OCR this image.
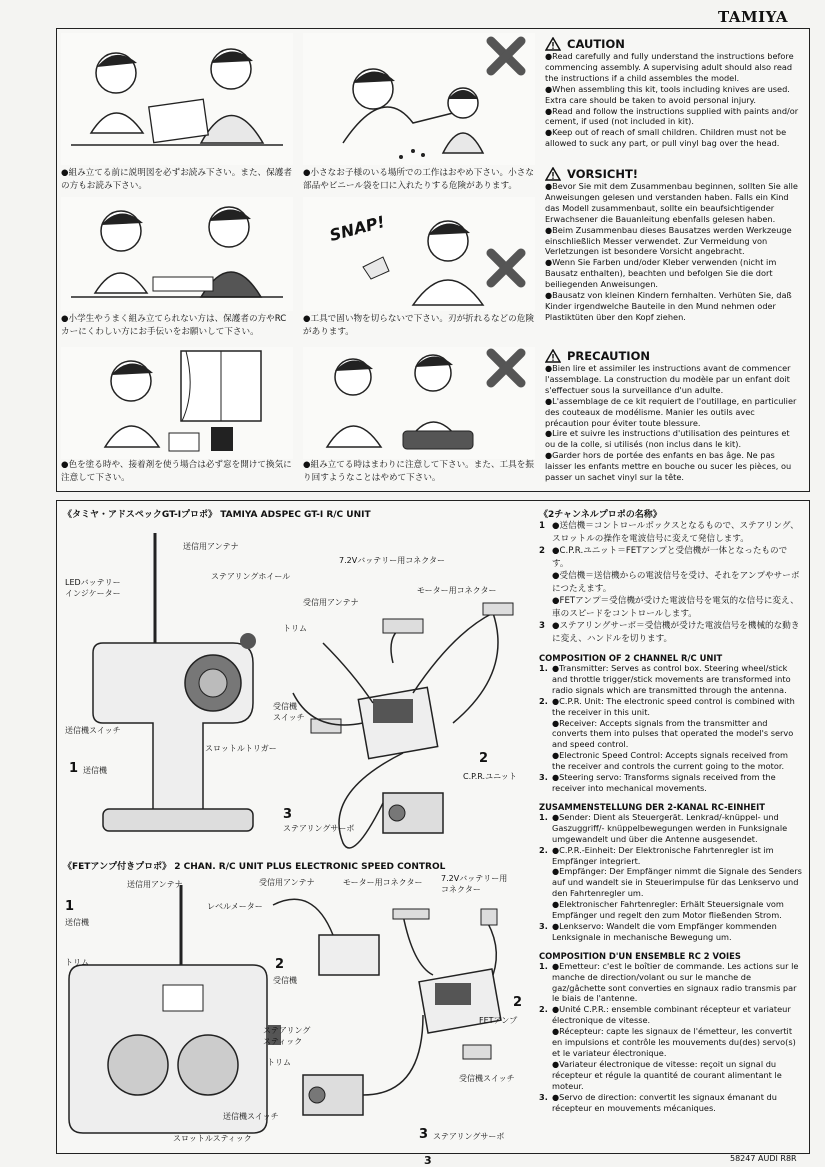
TAMIYA
●組み立てる前に説明図を必ずお読み下さい。また、保護者の方もお読み下さい。
●小学生やうまく組み立てられない方は、保護者の方やRCカーにくわしい方にお手伝いをお願いして下さい。
●色を塗る時や、接着剤を使う場合は必ず窓を開けて換気に注意して下さい。
●小さなお子様のいる場所での工作はおやめ下さい。小さな部品やビニール袋を口に入れたりする危険があります。
SNAP!
●工具で固い物を切らないで下さい。刃が折れるなどの危険があります。
●組み立てる時はまわりに注意して下さい。また、工具を振り回すようなことはやめて下さい。
CAUTION
●Read carefully and fully understand the instructions before commencing assembly. A supervising adult should also read the instructions if a child assembles the model.
●When assembling this kit, tools including knives are used. Extra care should be taken to avoid personal injury.
●Read and follow the instructions supplied with paints and/or cement, if used (not included in kit).
●Keep out of reach of small children. Children must not be allowed to suck any part, or pull vinyl bag over the head.
VORSICHT!
●Bevor Sie mit dem Zusammenbau beginnen, sollten Sie alle Anweisungen gelesen und verstanden haben. Falls ein Kind das Modell zusammenbaut, sollte ein beaufsichtigender Erwachsener die Bauanleitung ebenfalls gelesen haben.
●Beim Zusammenbau dieses Bausatzes werden Werkzeuge einschließlich Messer verwendet. Zur Vermeidung von Verletzungen ist besondere Vorsicht angebracht.
●Wenn Sie Farben und/oder Kleber verwenden (nicht im Bausatz enthalten), beachten und befolgen Sie die dort beiliegenden Anweisungen.
●Bausatz von kleinen Kindern fernhalten. Verhüten Sie, daß Kinder irgendwelche Bauteile in den Mund nehmen oder Plastiktüten über den Kopf ziehen.
PRECAUTION
●Bien lire et assimiler les instructions avant de commencer l'assemblage. La construction du modèle par un enfant doit s'effectuer sous la surveillance d'un adulte.
●L'assemblage de ce kit requiert de l'outillage, en particulier des couteaux de modélisme. Manier les outils avec précaution pour éviter toute blessure.
●Lire et suivre les instructions d'utilisation des peintures et ou de la colle, si utilisés (non inclus dans le kit).
●Garder hors de portée des enfants en bas âge. Ne pas laisser les enfants mettre en bouche ou sucer les pièces, ou passer un sachet vinyl sur la tête.
《タミヤ・アドスペックGT-Iプロポ》 TAMIYA ADSPEC GT-I R/C UNIT
送信用アンテナ
LEDバッテリー
インジケーター
ステアリングホイール
トリム
送信機スイッチ
スロットルトリガー
1 送信機
7.2Vバッテリー用コネクター
受信用アンテナ
モーター用コネクター
受信機
スイッチ
2
C.P.R.ユニット
3
ステアリングサーボ
《FETアンプ付きプロポ》 2 CHAN. R/C UNIT PLUS ELECTRONIC SPEED CONTROL
送信用アンテナ	受信用アンテナ	モーター用コネクター 7.2Vバッテリー用
コネクター
レベルメーター
1
送信機
トリム
ステアリング
スティック
トリム
送信機スイッチ
スロットルスティック
2
受信機
2
FETアンプ
受信機スイッチ
3 ステアリングサーボ
《2チャンネルプロポの名称》
1 ●送信機＝コントロールボックスとなるもので、ステアリング、スロットルの操作を電波信号に変えて発信します。
2 ●C.P.R.ユニット＝FETアンプと受信機が一体となったものです。
●受信機＝送信機からの電波信号を受け、それをアンプやサーボにつたえます。
●FETアンプ＝受信機が受けた電波信号を電気的な信号に変え、車のスピードをコントロールします。
3 ●ステアリングサーボ＝受信機が受けた電波信号を機械的な動きに変え、ハンドルを切ります。
COMPOSITION OF 2 CHANNEL R/C UNIT
1. ●Transmitter: Serves as control box. Steering wheel/stick and throttle trigger/stick movements are transformed into radio signals which are transmitted through the antenna.
2. ●C.P.R. Unit: The electronic speed control is combined with the receiver in this unit.
●Receiver: Accepts signals from the transmitter and converts them into pulses that operated the model's servo and speed control.
●Electronic Speed Control: Accepts signals received from the receiver and controls the current going to the motor.
3. ●Steering servo: Transforms signals received from the receiver into mechanical movements.
ZUSAMMENSTELLUNG DER 2-KANAL RC-EINHEIT
1. ●Sender: Dient als Steuergerät. Lenkrad/-knüppel- und Gaszuggriff/- knüppelbewegungen werden in Funksignale umgewandelt und über die Antenne ausgesendet.
2. ●C.P.R.-Einheit: Der Elektronische Fahrtenregler ist im Empfänger integriert.
●Empfänger: Der Empfänger nimmt die Signale des Senders auf und wandelt sie in Steuerimpulse für das Lenkservo und den Fahrtenregler um.
●Elektronischer Fahrtenregler: Erhält Steuersignale vom Empfänger und regelt den zum Motor fließenden Strom.
3. ●Lenkservo: Wandelt die vom Empfänger kommenden Lenksignale in mechanische Bewegung um.
COMPOSITION D'UN ENSEMBLE RC 2 VOIES
1. ●Emetteur: c'est le boîtier de commande. Les actions sur le manche de direction/volant ou sur le manche de gaz/gâchette sont converties en signaux radio transmis par le biais de l'antenne.
2. ●Unité C.P.R.: ensemble combinant récepteur et variateur électronique de vitesse.
●Récepteur: capte les signaux de l'émetteur, les convertit en impulsions et contrôle les mouvements du(des) servo(s) et le variateur électronique.
●Variateur électronique de vitesse: reçoit un signal du récepteur et régule la quantité de courant alimentant le moteur.
3. ●Servo de direction: convertit les signaux émanant du récepteur en mouvements mécaniques.
3	58247 AUDI R8R
